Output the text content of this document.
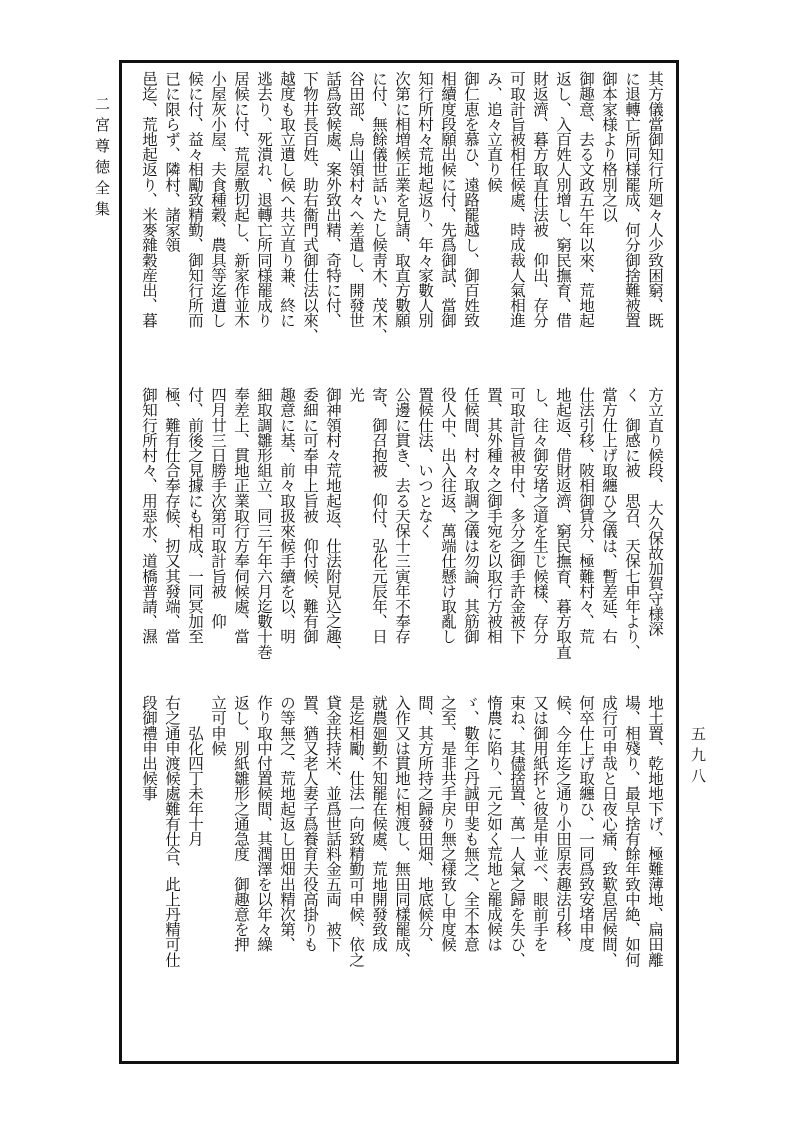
二宮尊徳全集
五九八
其方儀當御知行所廻々人少致困窮、既
に退轉亡所同様罷成、何分御捨難被置
御本家様より格別之以
御趣意、去る文政五午年以來、荒地起
返し、入百姓人別增し、窮民撫育、借
財返濟、暮方取直仕法被　仰出、存分
可取計旨被相任候處、時成裁人氣相進
み、追々立直り候
御仁恵を慕ひ、遠路罷越し、御百姓致
相續度段願出候に付、先爲御試、當御
知行所村々荒地起返り、年々家數人別
次第に相増候正業を見請、取直方數願
に付、無餘儀世話いたし候靑木、茂木、
谷田部、烏山領村々へ差遣し、開發世
話爲致候處、案外致出精、奇特に付、
下物井長百姓、助右衞門式御仕法以來、
越度も取立遺し候へ共立直り兼、終に
逃去り、死潰れ、退轉亡所同様罷成り
居候に付、荒屋敷切起し、新家作並木
小屋灰小屋、夫食種穀、農具等迄遺し
候に付、益々相勵致精勤、御知行所而
已に限らず、隣村、諸家領
邑迄、荒地起返り、米麥雜穀産出、暮
方立直り候段、　大久保故加賀守様深
く　御感に被　思召、天保七申年より、
當方仕上げ取纏ひ之儀は、暫差延、右
仕法引移、陂相御賃分、極難村々、荒
地起返、借財返濟、窮民撫育、暮方取直
し、往々御安堵之道を生じ候樣、存分
可取計旨被申付、多分之御手許金被下
置、其外種々之御手宛を以取行方被相
任候間、村々取調之儀は勿論、其筋御
役人中、出入往返、萬端仕懸け取亂し
置候仕法、いつとなく
公邊に貫き、去る天保十三寅年不奉存
寄、御召抱被　仰付、弘化元辰年、日
光
御神領村々荒地起返、仕法附見込之趣、
委細に可奉申上旨被　仰付候、難有御
趣意に基、前々取扱來候手續を以、明
細取調雛形組立、同三午年六月迄數十巻
奉差上、貫地正業取行方奉伺候處、當
四月廿三日勝手次第可取計旨被　仰
付、前後之見據にも相成、一同冥加至
極、難有仕合奉存候、扨又其發端、當
御知行所村々、用惡水、道橋普請、濕
地土置、乾地地下げ、極難薄地、扁田離
場、相殘り、最早捨有餘年致中絶、如何
成行可申哉と日夜心痛、致歎息居候間、
何卒仕上げ取纏ひ、一同爲致安堵申度
候、今年迄之通り小田原表趣法引移、
又は御用紙抔と彼是申並べ、眼前手を
束ね、其儘捨置、萬一人氣之歸を失ひ、
惰農に陷り、元之如く荒地と罷成候は
ゞ、數年之丹誠甲斐も無之、全不本意
之至、是非共手戻り無之樣致し申度候
間、其方所持之歸發田畑、地底候分、
入作又は貫地に相渡し、無田同樣罷成、
就農廻勤不知罷在候處、荒地開發致成
是迄相勵、仕法一向致精勤可申候、依之
貸金扶持米、並爲世話料金五両　被下
置、猶又老人妻子爲養育夫役高掛りも
の等無之、荒地起返し田畑出精次第、
作り取中付置候間、其潤澤を以年々繰
返し、別紙雛形之通急度　御趣意を押
立可申候
　　弘化四丁未年十月
右之通申渡候處難有仕合、此上丹精可仕
段御禮申出候事
